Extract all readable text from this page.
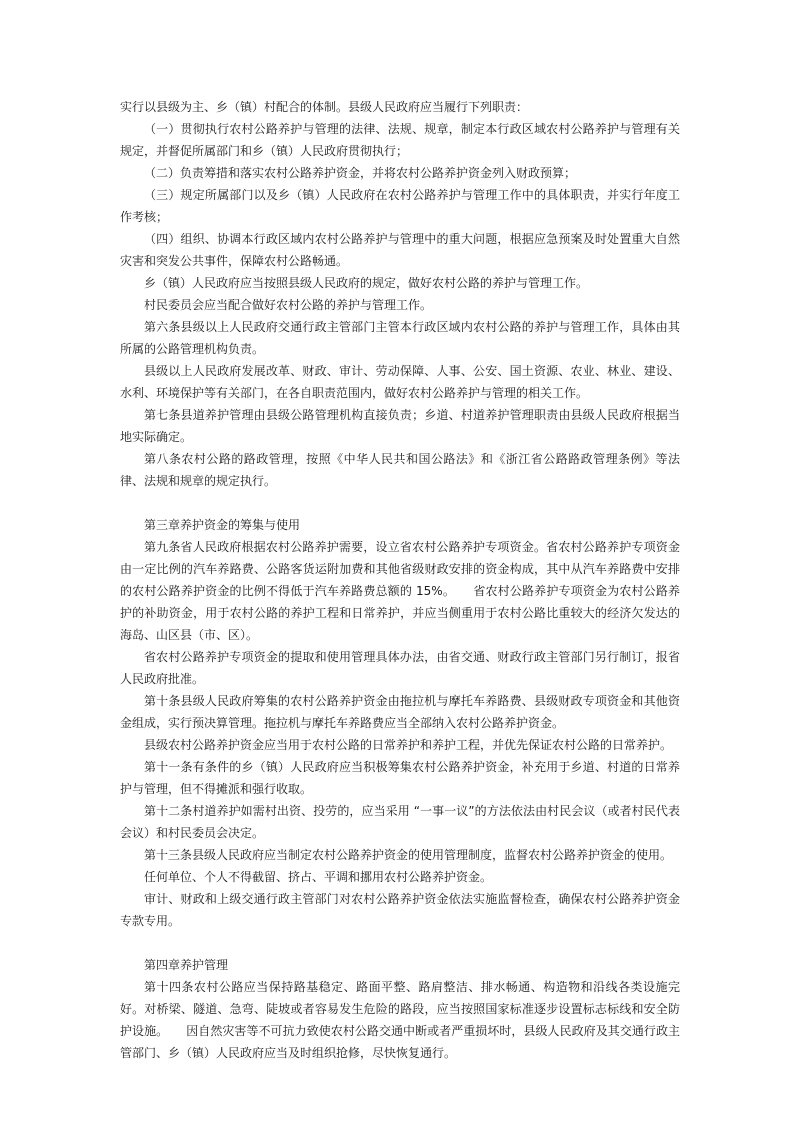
实行以县级为主、乡（镇）村配合的体制。县级人民政府应当履行下列职责：

（一）贯彻执行农村公路养护与管理的法律、法规、规章，制定本行政区域农村公路养护与管理有关规定，并督促所属部门和乡（镇）人民政府贯彻执行；

（二）负责筹措和落实农村公路养护资金，并将农村公路养护资金列入财政预算；

（三）规定所属部门以及乡（镇）人民政府在农村公路养护与管理工作中的具体职责，并实行年度工作考核；

（四）组织、协调本行政区域内农村公路养护与管理中的重大问题，根据应急预案及时处置重大自然灾害和突发公共事件，保障农村公路畅通。

乡（镇）人民政府应当按照县级人民政府的规定，做好农村公路的养护与管理工作。

村民委员会应当配合做好农村公路的养护与管理工作。

第六条县级以上人民政府交通行政主管部门主管本行政区域内农村公路的养护与管理工作，具体由其所属的公路管理机构负责。

县级以上人民政府发展改革、财政、审计、劳动保障、人事、公安、国土资源、农业、林业、建设、水利、环境保护等有关部门，在各自职责范围内，做好农村公路养护与管理的相关工作。

第七条县道养护管理由县级公路管理机构直接负责；乡道、村道养护管理职责由县级人民政府根据当地实际确定。

第八条农村公路的路政管理，按照《中华人民共和国公路法》和《浙江省公路路政管理条例》等法律、法规和规章的规定执行。

第三章养护资金的筹集与使用

第九条省人民政府根据农村公路养护需要，设立省农村公路养护专项资金。省农村公路养护专项资金由一定比例的汽车养路费、公路客货运附加费和其他省级财政安排的资金构成，其中从汽车养路费中安排的农村公路养护资金的比例不得低于汽车养路费总额的 15%。　　省农村公路养护专项资金为农村公路养护的补助资金，用于农村公路的养护工程和日常养护，并应当侧重用于农村公路比重较大的经济欠发达的海岛、山区县（市、区）。

省农村公路养护专项资金的提取和使用管理具体办法，由省交通、财政行政主管部门另行制订，报省人民政府批准。

第十条县级人民政府筹集的农村公路养护资金由拖拉机与摩托车养路费、县级财政专项资金和其他资金组成，实行预决算管理。拖拉机与摩托车养路费应当全部纳入农村公路养护资金。

县级农村公路养护资金应当用于农村公路的日常养护和养护工程，并优先保证农村公路的日常养护。

第十一条有条件的乡（镇）人民政府应当积极筹集农村公路养护资金，补充用于乡道、村道的日常养护与管理，但不得摊派和强行收取。

第十二条村道养护如需村出资、投劳的，应当采用 “一事一议”的方法依法由村民会议（或者村民代表会议）和村民委员会决定。

第十三条县级人民政府应当制定农村公路养护资金的使用管理制度，监督农村公路养护资金的使用。

任何单位、个人不得截留、挤占、平调和挪用农村公路养护资金。

审计、财政和上级交通行政主管部门对农村公路养护资金依法实施监督检查，确保农村公路养护资金专款专用。

第四章养护管理

第十四条农村公路应当保持路基稳定、路面平整、路肩整洁、排水畅通、构造物和沿线各类设施完好。对桥梁、隧道、急弯、陡坡或者容易发生危险的路段，应当按照国家标准逐步设置标志标线和安全防护设施。　　因自然灾害等不可抗力致使农村公路交通中断或者严重损坏时，县级人民政府及其交通行政主管部门、乡（镇）人民政府应当及时组织抢修，尽快恢复通行。
